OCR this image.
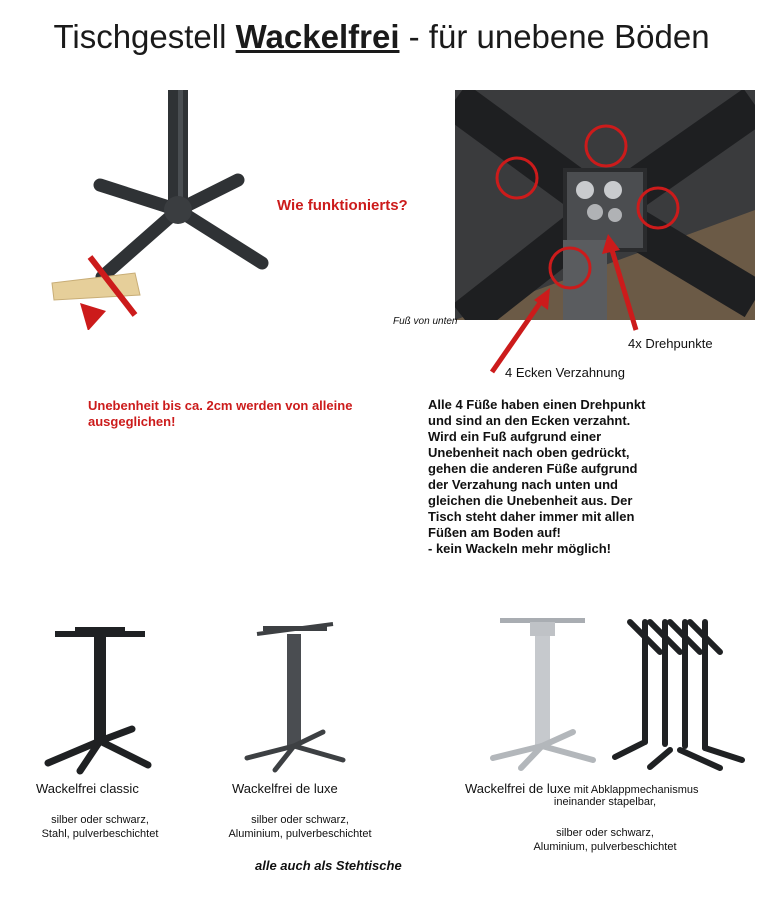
Tischgestell Wackelfrei - für unebene Böden
Wie funktionierts?
Unebenheit bis ca. 2cm werden von alleine ausgeglichen!
Fuß von unten
4x Drehpunkte
4 Ecken Verzahnung
Alle 4 Füße haben einen Drehpunkt
und sind an den Ecken verzahnt.
Wird ein Fuß aufgrund einer
Unebenheit nach oben gedrückt,
gehen die anderen Füße aufgrund
der Verzahung nach unten und
gleichen die Unebenheit aus. Der
Tisch steht daher immer mit allen
Füßen am Boden auf!
- kein Wackeln mehr möglich!
Wackelfrei classic
silber oder schwarz,
Stahl, pulverbeschichtet
Wackelfrei de luxe
silber oder schwarz,
Aluminium, pulverbeschichtet
Wackelfrei de luxe mit Abklappmechanismus
ineinander stapelbar,
silber oder schwarz,
Aluminium, pulverbeschichtet
alle auch als Stehtische
